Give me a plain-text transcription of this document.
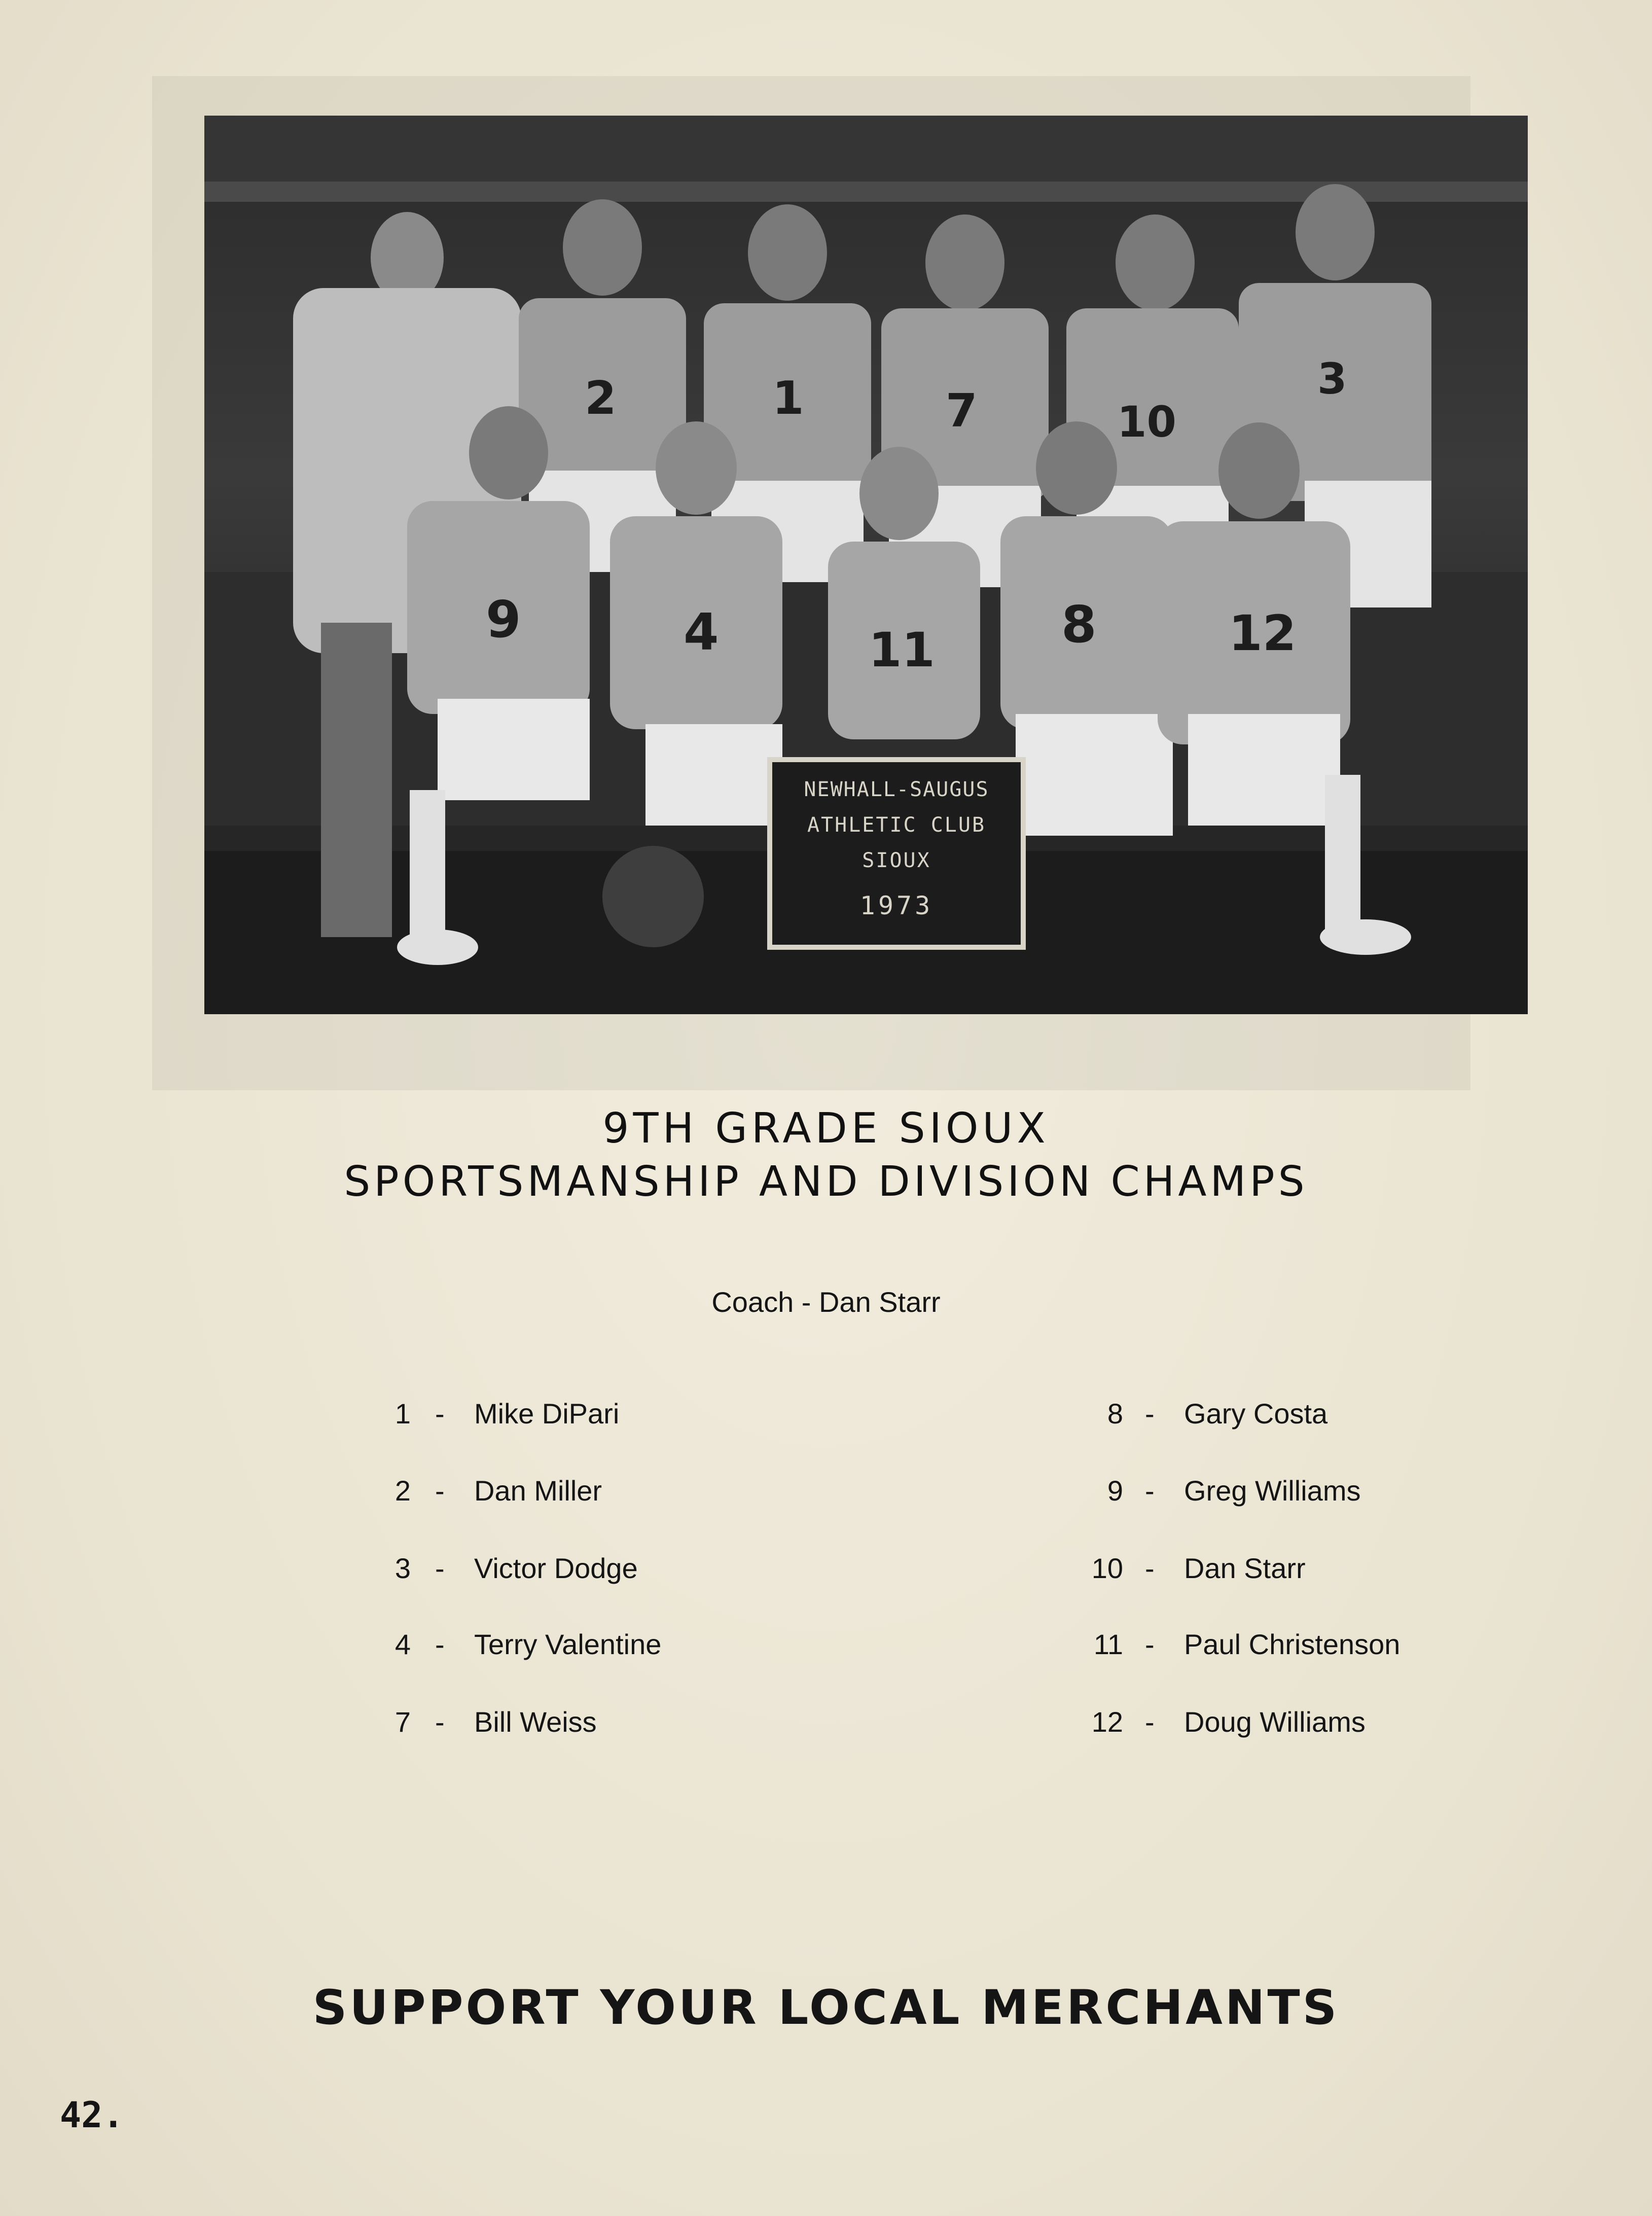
2	1	7	10
3
9	4	11 8	12
NEWHALL-SAUGUS
ATHLETIC CLUB
SIOUX
1973
9TH GRADE SIOUX
SPORTSMANSHIP AND DIVISION CHAMPS
Coach - Dan Starr
1 - Mike DiPari
2 - Dan Miller
3 - Victor Dodge
4 - Terry Valentine
7 - Bill Weiss
8 - Gary Costa
9 - Greg Williams
10 - Dan Starr
11 - Paul Christenson
12 - Doug Williams
SUPPORT YOUR LOCAL MERCHANTS
42.
